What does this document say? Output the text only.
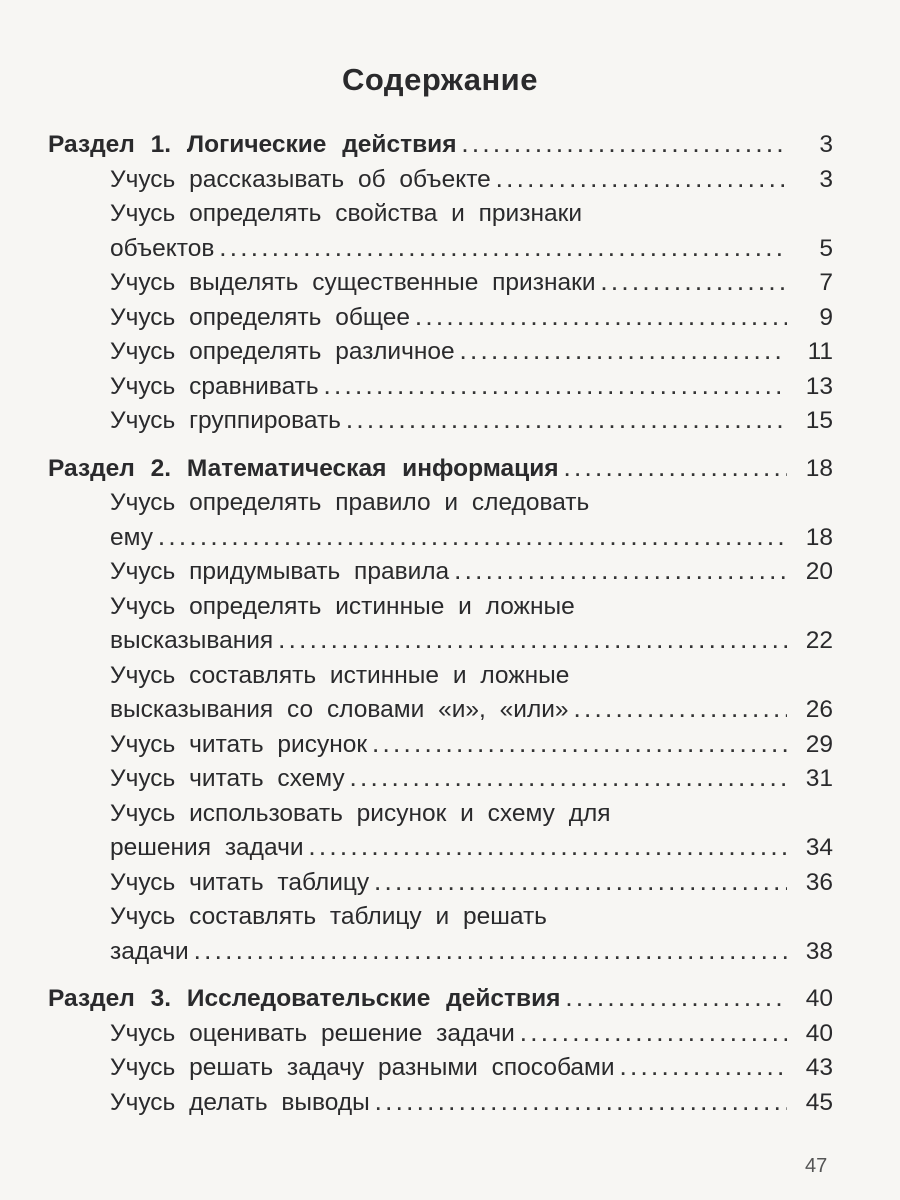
Содержание
Раздел 1. Логические действия .....	3
Учусь рассказывать об объекте .....	3
Учусь определять свойства и признаки
объектов .....	5
Учусь выделять существенные признаки .....	7
Учусь определять общее .....	9
Учусь определять различное .....	11
Учусь сравнивать .....	13
Учусь группировать .....	15
Раздел 2. Математическая информация .....	18
Учусь определять правило и следовать
ему .....	18
Учусь придумывать правила .....	20
Учусь определять истинные и ложные
высказывания .....	22
Учусь составлять истинные и ложные
высказывания со словами «и», «или» .....	26
Учусь читать рисунок .....	29
Учусь читать схему .....	31
Учусь использовать рисунок и схему для
решения задачи .....	34
Учусь читать таблицу .....	36
Учусь составлять таблицу и решать
задачи .....	38
Раздел 3. Исследовательские действия .....	40
Учусь оценивать решение задачи .....	40
Учусь решать задачу разными способами .....	43
Учусь делать выводы .....	45
47
